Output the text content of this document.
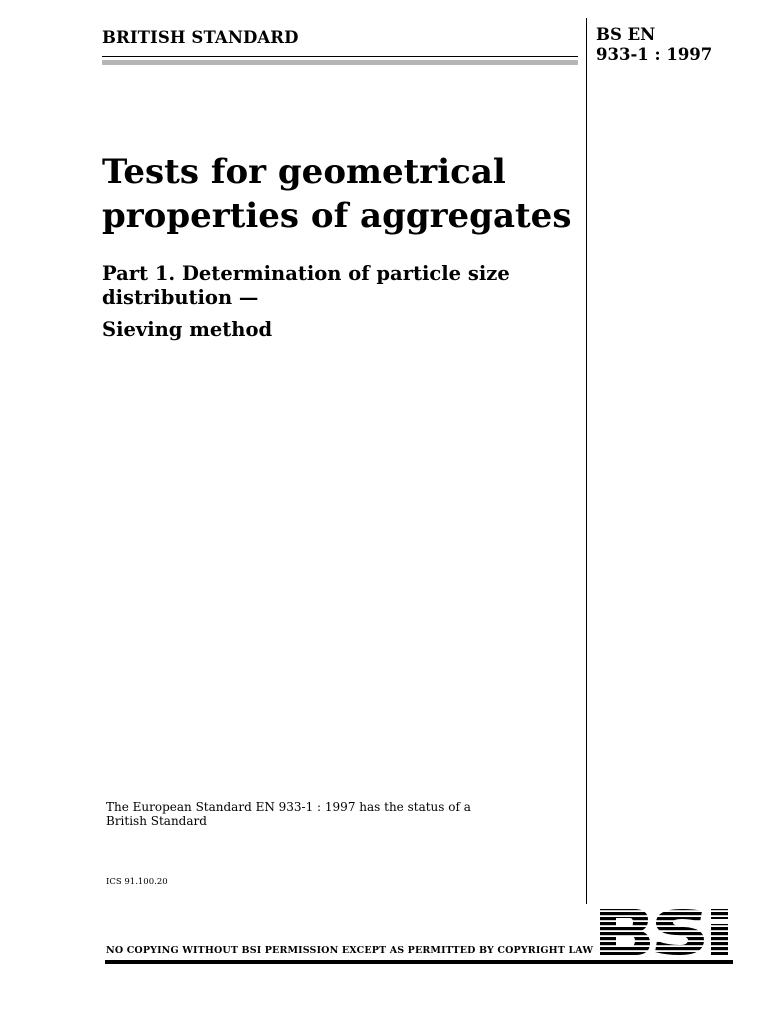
BRITISH STANDARD	BS EN
933-1 : 1997
Tests for geometrical
properties of aggregates
Part 1. Determination of particle size
distribution —
Sieving method
The European Standard EN 933-1 : 1997 has the status of a
British Standard
ICS 91.100.20
NO COPYING WITHOUT BSI PERMISSION EXCEPT AS PERMITTED BY COPYRIGHT LAW
